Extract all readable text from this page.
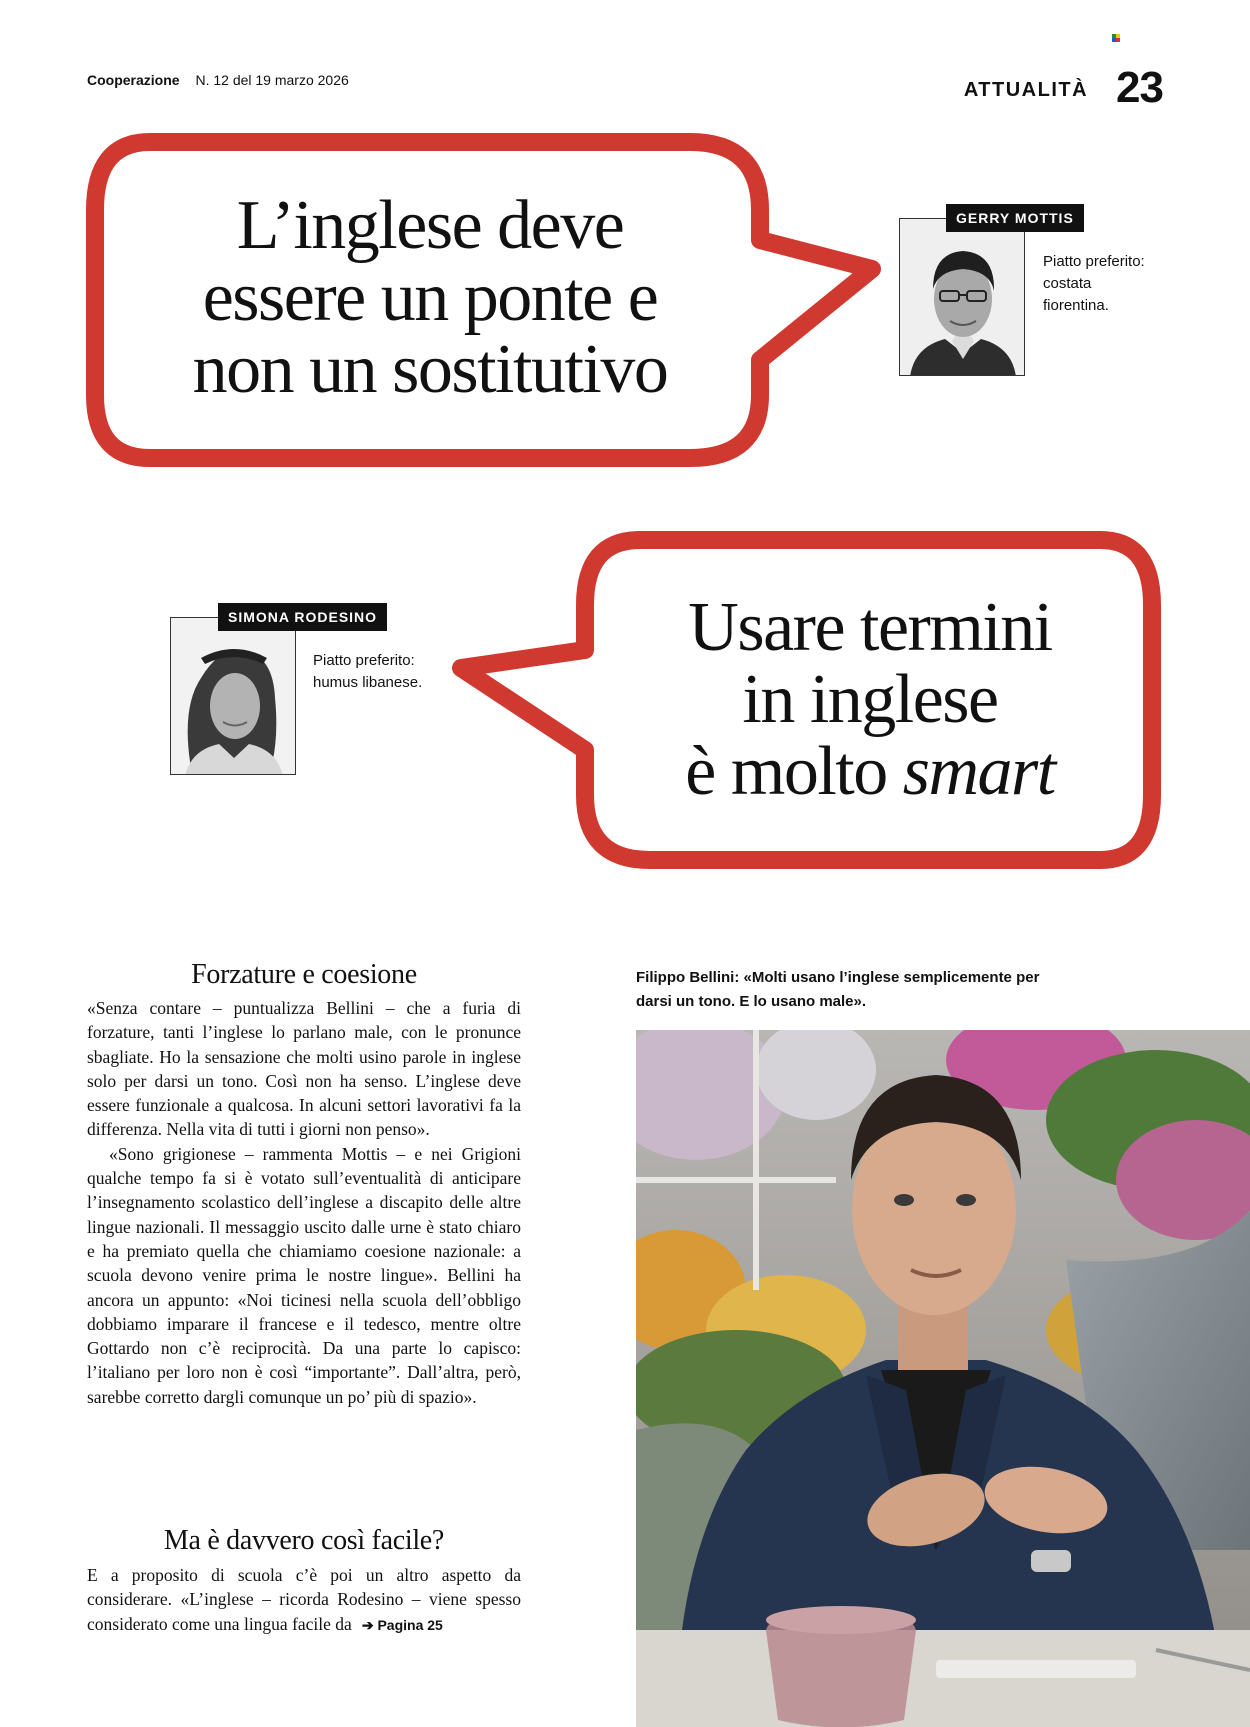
Cooperazione N. 12 del 19 marzo 2026	ATTUALITÀ 23
L’inglese deve
essere un ponte e
non un sostitutivo
Usare termini
in inglese
è molto smart
GERRY MOTTIS
Piatto preferito:
costata
fiorentina.
SIMONA RODESINO
Piatto preferito:
humus libanese.
Forzature e coesione

«Senza contare – puntualizza Bellini – che a furia di forzature, tanti l’inglese lo parlano male, con le pronunce sbagliate. Ho la sensazione che molti usino parole in inglese solo per darsi un tono. Così non ha senso. L’inglese deve essere funzionale a qualcosa. In alcuni settori lavorativi fa la differenza. Nella vita di tutti i giorni non penso».

«Sono grigionese – rammenta Mottis – e nei Grigioni qualche tempo fa si è votato sull’eventualità di anticipare l’insegnamento scolastico dell’inglese a discapito delle altre lingue nazionali. Il messaggio uscito dalle urne è stato chiaro e ha premiato quella che chiamiamo coesione nazionale: a scuola devono venire prima le nostre lingue». Bellini ha ancora un appunto: «Noi ticinesi nella scuola dell’obbligo dobbiamo imparare il francese e il tedesco, mentre oltre Gottardo non c’è reciprocità. Da una parte lo capisco: l’italiano per loro non è così “importante”. Dall’altra, però, sarebbe corretto dargli comunque un po’ più di spazio».

Ma è davvero così facile?

E a proposito di scuola c’è poi un altro aspetto da considerare. «L’inglese – ricorda Rodesino – viene spesso considerato come una lingua facile da ➔ Pagina 25

Filippo Bellini: «Molti usano l’inglese semplicemente per darsi un tono. E lo usano male».
